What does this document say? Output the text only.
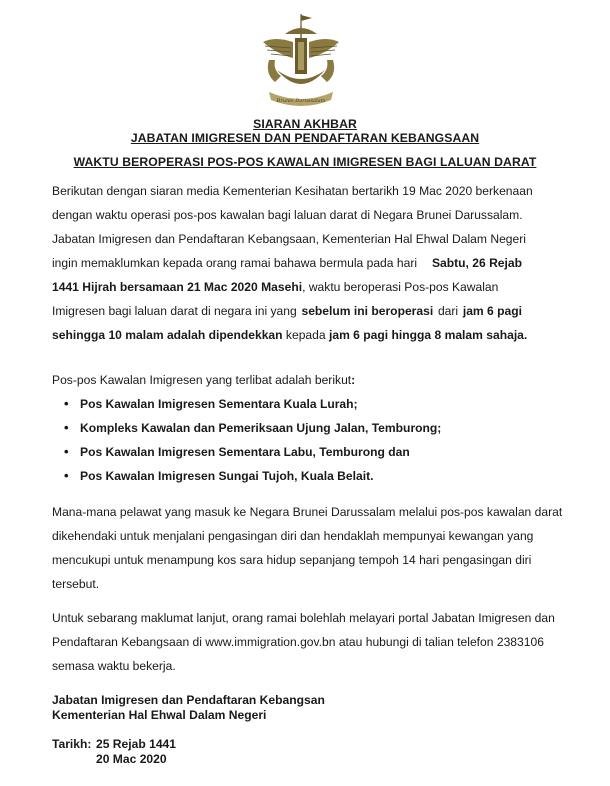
Brunei Darussalam
SIARAN AKHBAR
JABATAN IMIGRESEN DAN PENDAFTARAN KEBANGSAAN
WAKTU BEROPERASI POS-POS KAWALAN IMIGRESEN BAGI LALUAN DARAT
Berikutan dengan siaran media Kementerian Kesihatan bertarikh 19 Mac 2020 berkenaan
dengan waktu operasi pos-pos kawalan bagi laluan darat di Negara Brunei Darussalam.
Jabatan Imigresen dan Pendaftaran Kebangsaan, Kementerian Hal Ehwal Dalam Negeri
ingin memaklumkan kepada orang ramai bahawa bermula pada hari Sabtu, 26 Rejab
1441 Hijrah bersamaan 21 Mac 2020 Masehi, waktu beroperasi Pos-pos Kawalan
Imigresen bagi laluan darat di negara ini yang sebelum ini beroperasi dari jam 6 pagi
sehingga 10 malam adalah dipendekkan
kepada
jam 6 pagi hingga 8 malam sahaja.
Pos-pos Kawalan Imigresen yang terlibat adalah berikut :
• Pos Kawalan Imigresen Sementara Kuala Lurah;
• Kompleks Kawalan dan Pemeriksaan Ujung Jalan, Temburong;
• Pos Kawalan Imigresen Sementara Labu, Temburong dan
• Pos Kawalan Imigresen Sungai Tujoh, Kuala Belait.
Mana-mana pelawat yang masuk ke Negara Brunei Darussalam melalui pos-pos kawalan darat
dikehendaki untuk menjalani pengasingan diri dan hendaklah mempunyai kewangan yang
mencukupi untuk menampung kos sara hidup sepanjang tempoh 14 hari pengasingan diri
tersebut.
Untuk sebarang maklumat lanjut, orang ramai bolehlah melayari portal Jabatan Imigresen dan
Pendaftaran Kebangsaan di www.immigration.gov.bn atau hubungi di talian telefon 2383106
semasa waktu bekerja.
Jabatan Imigresen dan Pendaftaran Kebangsan
Kementerian Hal Ehwal Dalam Negeri
Tarikh: 25 Rejab 1441
20 Mac 2020
